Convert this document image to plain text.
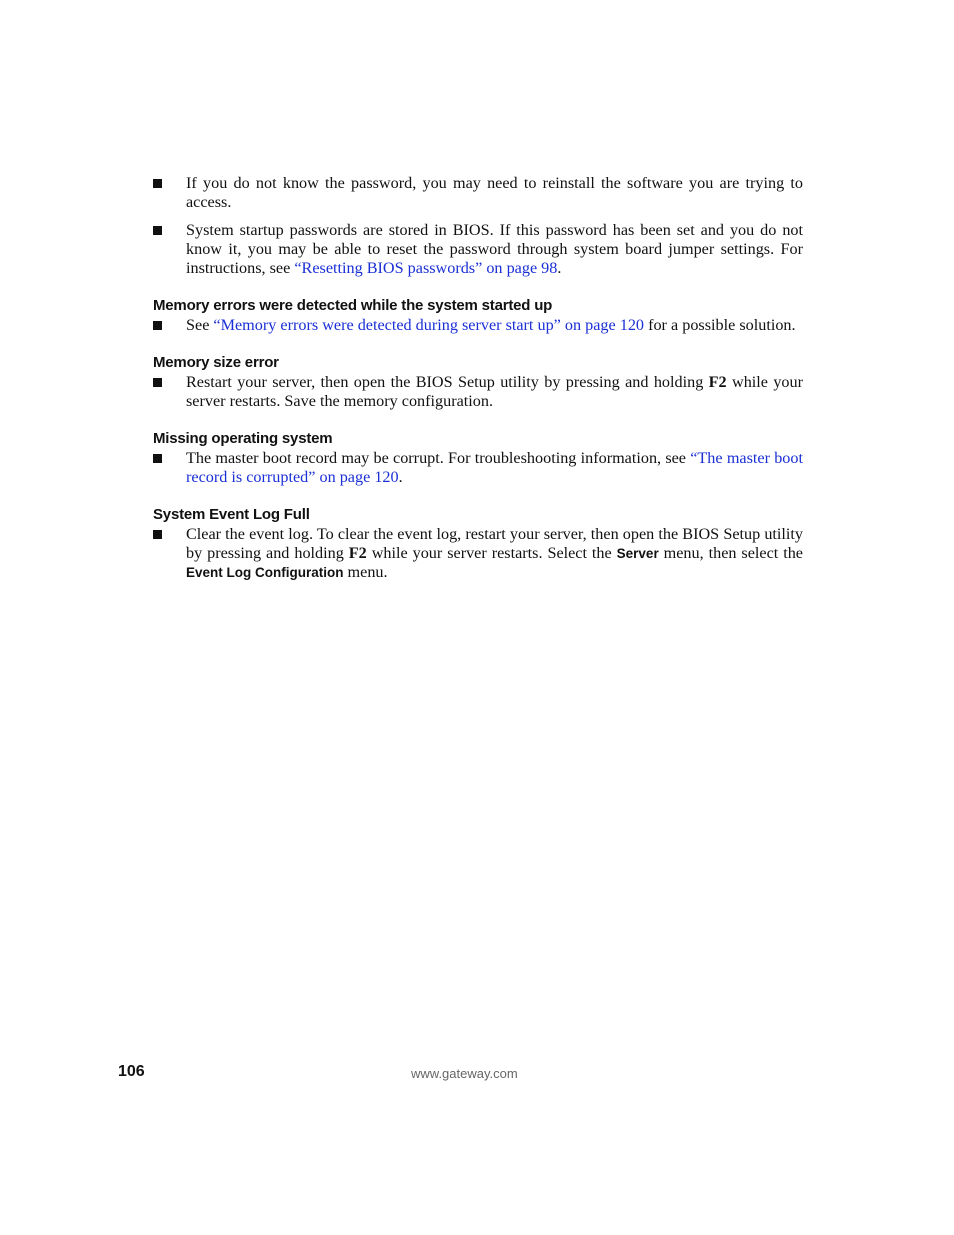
If you do not know the password, you may need to reinstall the software you are trying to access.
System startup passwords are stored in BIOS. If this password has been set and you do not know it, you may be able to reset the password through system board jumper settings. For instructions, see “Resetting BIOS passwords” on page 98.
Memory errors were detected while the system started up
See “Memory errors were detected during server start up” on page 120 for a possible solution.
Memory size error
Restart your server, then open the BIOS Setup utility by pressing and holding F2 while your server restarts. Save the memory configuration.
Missing operating system
The master boot record may be corrupt. For troubleshooting information, see “The master boot record is corrupted” on page 120.
System Event Log Full
Clear the event log. To clear the event log, restart your server, then open the BIOS Setup utility by pressing and holding F2 while your server restarts. Select the Server menu, then select the Event Log Configuration menu.
106	www.gateway.com
